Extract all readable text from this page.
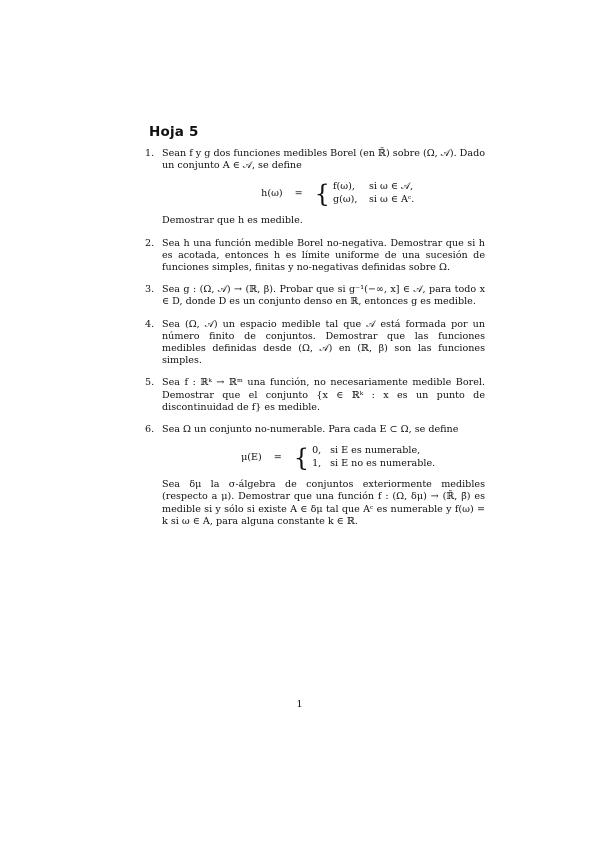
Hoja 5
1. Sean f y g dos funciones medibles Borel (en ℝ̄) sobre (Ω, 𝒜). Dado un conjunto A ∈ 𝒜, se define

h(ω)	= { f(ω), si ω ∈ 𝒜,
g(ω), si ω ∈ Aᶜ.

Demostrar que h es medible.

2. Sea h una función medible Borel no-negativa. Demostrar que si h es acotada, entonces h es límite uniforme de una sucesión de funciones simples, finitas y no-negativas definidas sobre Ω.

3. Sea g : (Ω, 𝒜) → (ℝ, β). Probar que si g⁻¹(−∞, x] ∈ 𝒜, para todo x ∈ D, donde D es un conjunto denso en ℝ, entonces g es medible.

4. Sea (Ω, 𝒜) un espacio medible tal que 𝒜 está formada por un número finito de conjuntos. Demostrar que las funciones medibles definidas desde (Ω, 𝒜) en (ℝ, β) son las funciones simples.

5. Sea f : ℝᵏ → ℝᵐ una función, no necesariamente medible Borel. Demostrar que el conjunto {x ∈ ℝᵏ : x es un punto de discontinuidad de f} es medible.

6. Sea Ω un conjunto no-numerable. Para cada E ⊂ Ω, se define

μ(E)	= { 0, si E es numerable,
1, si E no es numerable.

Sea δμ la σ-álgebra de conjuntos exteriormente medibles (respecto a μ). Demostrar que una función f : (Ω, δμ) → (ℝ̄, β̄) es medible si y sólo si existe A ∈ δμ tal que Aᶜ es numerable y f(ω) = k si ω ∈ A, para alguna constante k ∈ ℝ.

1
